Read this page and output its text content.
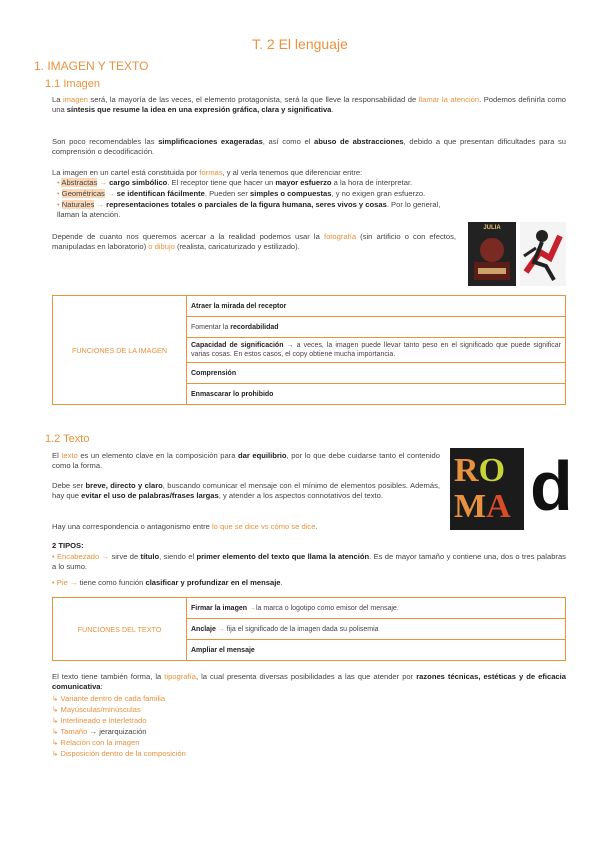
T. 2 El lenguaje
1. IMAGEN Y TEXTO
1.1 Imagen
La imagen será, la mayoría de las veces, el elemento protagonista, será la que lleve la responsabilidad de llamar la atención. Podemos definirla como una síntesis que resume la idea en una expresión gráfica, clara y significativa.
Son poco recomendables las simplificaciones exageradas, así como el abuso de abstracciones, debido a que presentan dificultades para su comprensión o decodificación.
La imagen en un cartel está constituida por formas, y al verla tenemos que diferenciar entre:
• Abstractas → cargo simbólico. El receptor tiene que hacer un mayor esfuerzo a la hora de interpretar.
• Geométricas → se identifican fácilmente. Pueden ser simples o compuestas, y no exigen gran esfuerzo.
• Naturales → representaciones totales o parciales de la figura humana, seres vivos y cosas. Por lo general, llaman la atención.
Depende de cuanto nos queremos acercar a la realidad podemos usar la fotografía (sin artificio o con efectos, manipuladas en laboratorio) o dibujo (realista, caricaturizado y estilizado).
JULIA
FUNCIONES DE LA IMAGEN	Atraer la mirada del receptor
Fomentar la recordabilidad
Capacidad de significación → a veces, la imagen puede llevar tanto peso en el significado que puede significar varias cosas. En estos casos, el copy obtiene mucha importancia.
Comprensión
Enmascarar lo prohibido
1.2 Texto
El texto es un elemento clave en la composición para dar equilibrio, por lo que debe cuidarse tanto el contenido como la forma.
Debe ser breve, directo y claro, buscando comunicar el mensaje con el mínimo de elementos posibles. Además, hay que evitar el uso de palabras/frases largas, y atender a los aspectos connotativos del texto.
Hay una correspondencia o antagonismo entre lo que se dice vs cómo se dice.
RO
MA d
2 TIPOS:
• Encabezado → sirve de título, siendo el primer elemento del texto que llama la atención. Es de mayor tamaño y contiene una, dos o tres palabras a lo sumo.
• Pie → tiene como función clasificar y profundizar en el mensaje.
FUNCIONES DEL TEXTO	Firmar la imagen →la marca o logotipo como emisor del mensaje.
Anclaje → fija el significado de la imagen dada su polisemia
Ampliar el mensaje
El texto tiene también forma, la tipografía, la cual presenta diversas posibilidades a las que atender por razones técnicas, estéticas y de eficacia comunicativa:
↳ Variante dentro de cada familia
↳ Mayúsculas/minúsculas
↳ Interlineado e interletrado
↳ Tamaño → jerarquización
↳ Relación con la imagen
↳ Disposición dentro de la composición
